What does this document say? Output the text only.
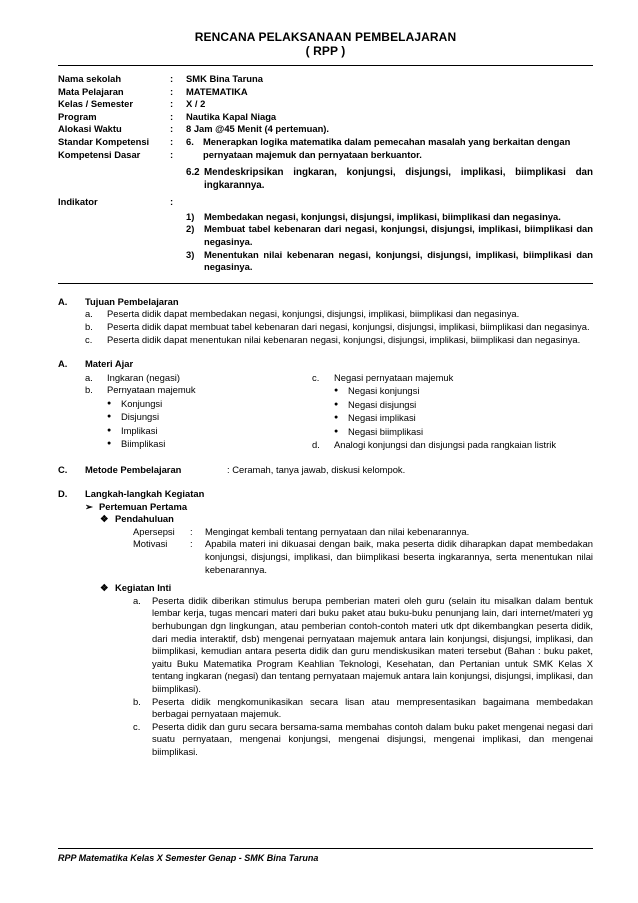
RENCANA PELAKSANAAN PEMBELAJARAN
( RPP )
Nama sekolah	:	SMK Bina Taruna
Mata Pelajaran	:	MATEMATIKA
Kelas / Semester	:	X / 2
Program	:	Nautika Kapal Niaga
Alokasi Waktu	:	8 Jam @45 Menit (4 pertemuan).
Standar Kompetensi	:	6. Menerapkan logika matematika dalam pemecahan masalah yang berkaitan dengan
Kompetensi Dasar	:	pernyataan majemuk dan pernyataan berkuantor.
6.2 Mendeskripsikan ingkaran, konjungsi, disjungsi, implikasi, biimplikasi dan ingkarannya.
Indikator	:
1)	Membedakan negasi, konjungsi, disjungsi, implikasi, biimplikasi dan negasinya.
2)	Membuat tabel kebenaran dari negasi, konjungsi, disjungsi, implikasi, biimplikasi dan negasinya.
3)	Menentukan nilai kebenaran negasi, konjungsi, disjungsi, implikasi, biimplikasi dan negasinya.
A.	Tujuan Pembelajaran
a.	Peserta didik dapat membedakan negasi, konjungsi, disjungsi, implikasi, biimplikasi dan negasinya.
b.	Peserta didik dapat membuat tabel kebenaran dari negasi, konjungsi, disjungsi, implikasi, biimplikasi dan negasinya.
c.	Peserta didik dapat menentukan nilai kebenaran negasi, konjungsi, disjungsi, implikasi, biimplikasi dan negasinya.
A.	Materi Ajar
a.	Ingkaran (negasi)
b.	Pernyataan majemuk
●	Konjungsi
●	Disjungsi
●	Implikasi
●	Biimplikasi
c.	Negasi pernyataan majemuk
●	Negasi konjungsi
●	Negasi disjungsi
●	Negasi implikasi
●	Negasi biimplikasi
d.	Analogi konjungsi dan disjungsi pada rangkaian listrik
C.	Metode Pembelajaran	: Ceramah, tanya jawab, diskusi kelompok.
D.	Langkah-langkah Kegiatan
➢ Pertemuan Pertama
❖ Pendahuluan
Apersepsi	:	Mengingat kembali tentang pernyataan dan nilai kebenarannya.
Motivasi	:	Apabila materi ini dikuasai dengan baik, maka peserta didik diharapkan dapat membedakan konjungsi, disjungsi, implikasi, dan biimplikasi beserta ingkarannya, serta menentukan nilai kebenarannya.
❖ Kegiatan Inti
a.	Peserta didik diberikan stimulus berupa pemberian materi oleh guru (selain itu misalkan dalam bentuk lembar kerja, tugas mencari materi dari buku paket atau buku-buku penunjang lain, dari internet/materi yg berhubungan dgn lingkungan, atau pemberian contoh-contoh materi utk dpt dikembangkan peserta didik, dari media interaktif, dsb) mengenai pernyataan majemuk antara lain konjungsi, disjungsi, implikasi, dan biimplikasi, kemudian antara peserta didik dan guru mendiskusikan materi tersebut (Bahan : buku paket, yaitu Buku Matematika Program Keahlian Teknologi, Kesehatan, dan Pertanian untuk SMK Kelas X tentang ingkaran (negasi) dan tentang pernyataan majemuk antara lain konjungsi, disjungsi, implikasi, dan biimplikasi).
b.	Peserta didik mengkomunikasikan secara lisan atau mempresentasikan bagaimana membedakan berbagai pernyataan majemuk.
c.	Peserta didik dan guru secara bersama-sama membahas contoh dalam buku paket mengenai negasi dari suatu pernyataan, mengenai konjungsi, mengenai disjungsi, mengenai implikasi, dan mengenai biimplikasi.
RPP Matematika Kelas X Semester Genap - SMK Bina Taruna
